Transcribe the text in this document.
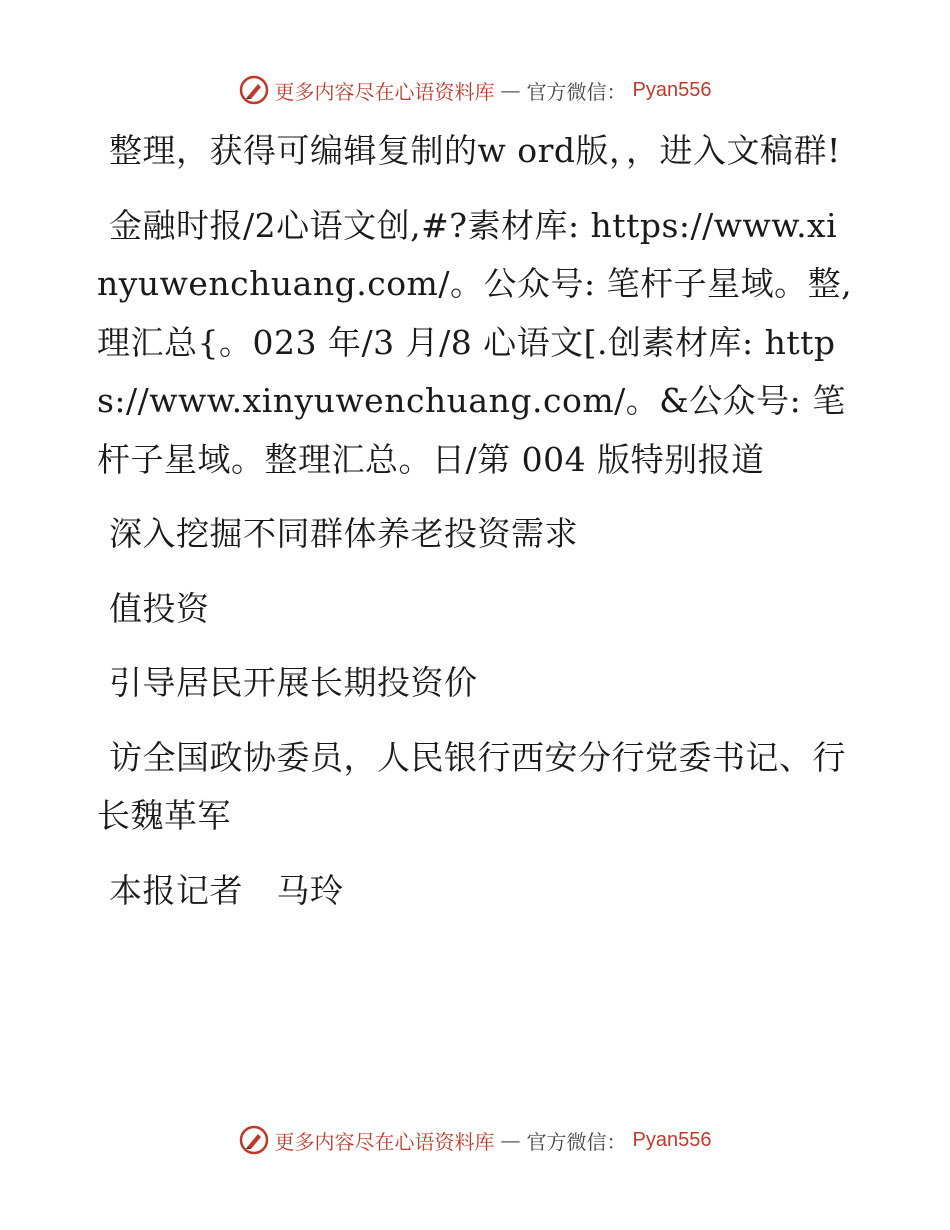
更多内容尽在心语资料库 — 官方微信： Pyan556

整理，获得可编辑复制的w ord版，，进入文稿群!

金融时报/2心语文创,#?素材库: https://www.xinyuwenchuang.com/。公众号: 笔杆子星域。整,理汇总{。023 年/3 月/8 心语文[.创素材库: https://www.xinyuwenchuang.com/。&公众号: 笔杆子星域。整理汇总。日/第 004 版特别报道

深入挖掘不同群体养老投资需求

值投资

引导居民开展长期投资价

访全国政协委员，人民银行西安分行党委书记、行长魏革军

本报记者　马玲

更多内容尽在心语资料库 — 官方微信： Pyan556
